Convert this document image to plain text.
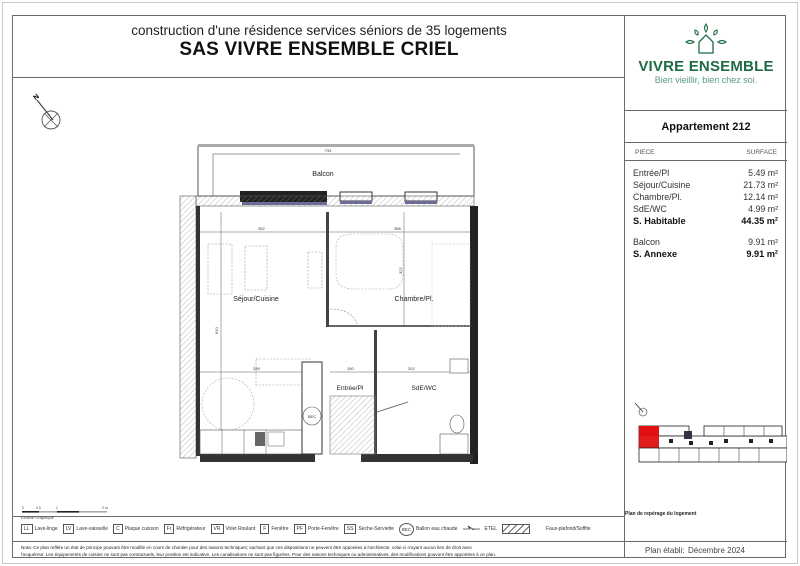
construction d'une résidence services séniors de 35 logements
SAS VIVRE ENSEMBLE CRIEL
N
733
Balcon
352	358
610
322
289	150	202
Séjour/Cuisine	Chambre/Pl.
BEC
Entrée/Pl	SdE/WC
0	0.5	1	2 m
Echelle Graphique
LL	Lave-linge	LV	Lave-vaisselle	C	Plaque cuisson	Fr	Réfrigérateur	VR	Volet Roulant	F	Fenêtre	PF	Porte-Fenêtre	SS	Sèche-Serviette	BEC Ballon eau chaude	ETEL	Faux-plafond/Soffite
Nota: Ce plan reflète un état de principe pouvant être modifié en cours de chantier pour des raisons techniques; sachant que ces dispositions ne peuvent être opposées à l'architecte, celui-ci n'ayant aucun lien de droit avec
l'acquéreur. Les équipements de cuisine ne sont pas contractuels, leur position est indicative. Les canalisations ne sont pas figurées. Pour des raisons techniques ou administratives, des modifications pouvont être apportées à ce plan.
VIVRE ENSEMBLE
Bien vieillir, bien chez soi.
Appartement 212
PIECE	SURFACE
Entrée/Pl	5.49 m²
Séjour/Cuisine	21.73 m²
Chambre/Pl.	12.14 m²
SdE/WC	4.99 m²
S. Habitable	44.35 m²
Balcon	9.91 m²
S. Annexe	9.91 m²
Plan de repérage du logement
Plan établi: Décembre 2024
